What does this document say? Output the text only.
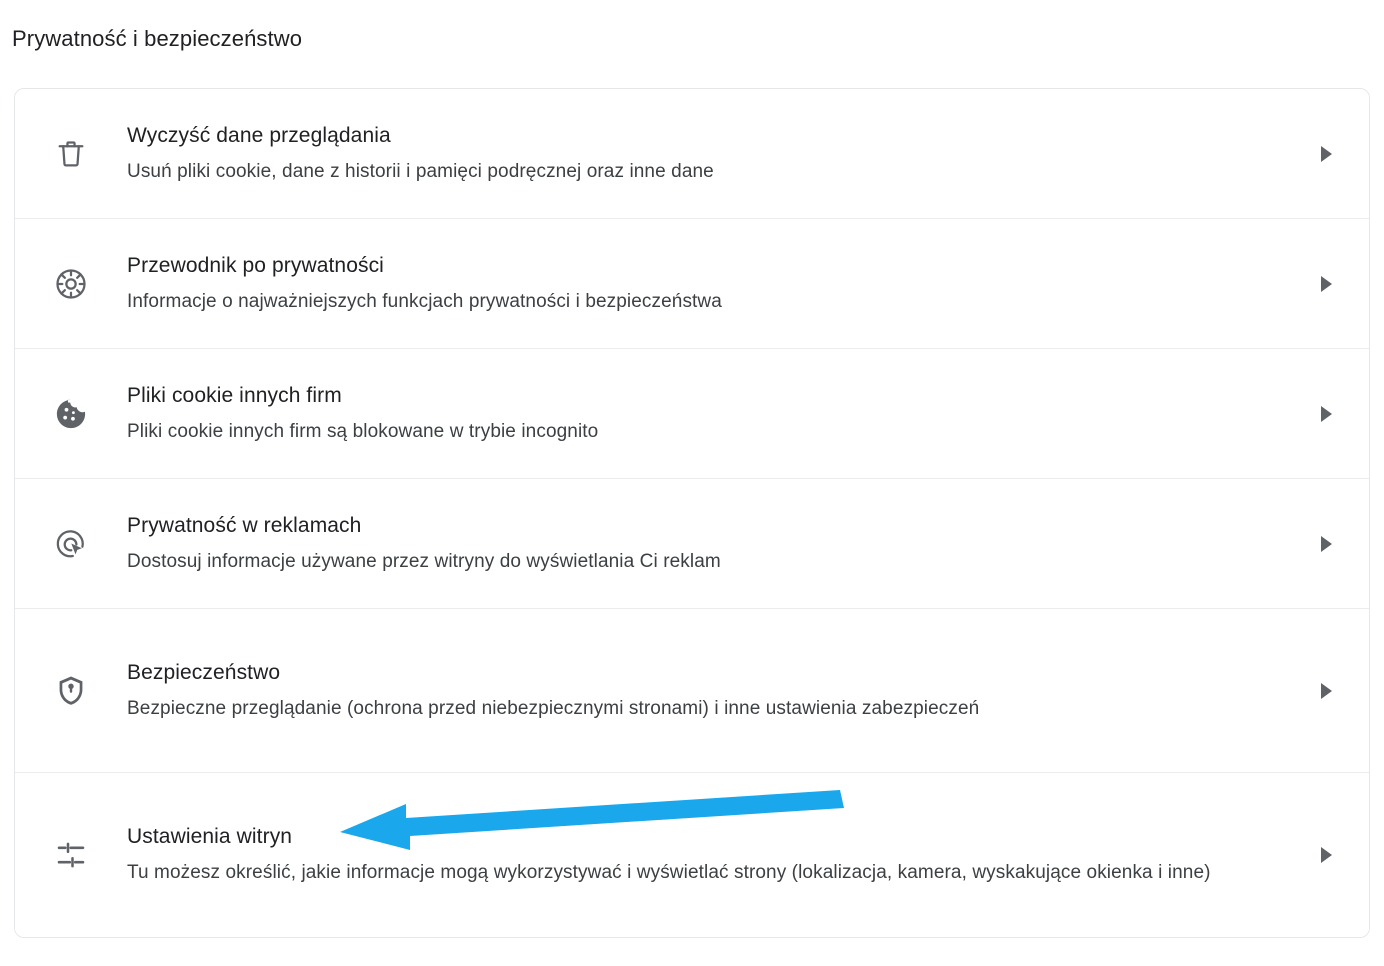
Prywatność i bezpieczeństwo
Wyczyść dane przeglądania
Usuń pliki cookie, dane z historii i pamięci podręcznej oraz inne dane
Przewodnik po prywatności
Informacje o najważniejszych funkcjach prywatności i bezpieczeństwa
Pliki cookie innych firm
Pliki cookie innych firm są blokowane w trybie incognito
Prywatność w reklamach
Dostosuj informacje używane przez witryny do wyświetlania Ci reklam
Bezpieczeństwo
Bezpieczne przeglądanie (ochrona przed niebezpiecznymi stronami) i inne ustawienia zabezpieczeń
Ustawienia witryn
Tu możesz określić, jakie informacje mogą wykorzystywać i wyświetlać strony (lokalizacja, kamera, wyskakujące okienka i inne)
